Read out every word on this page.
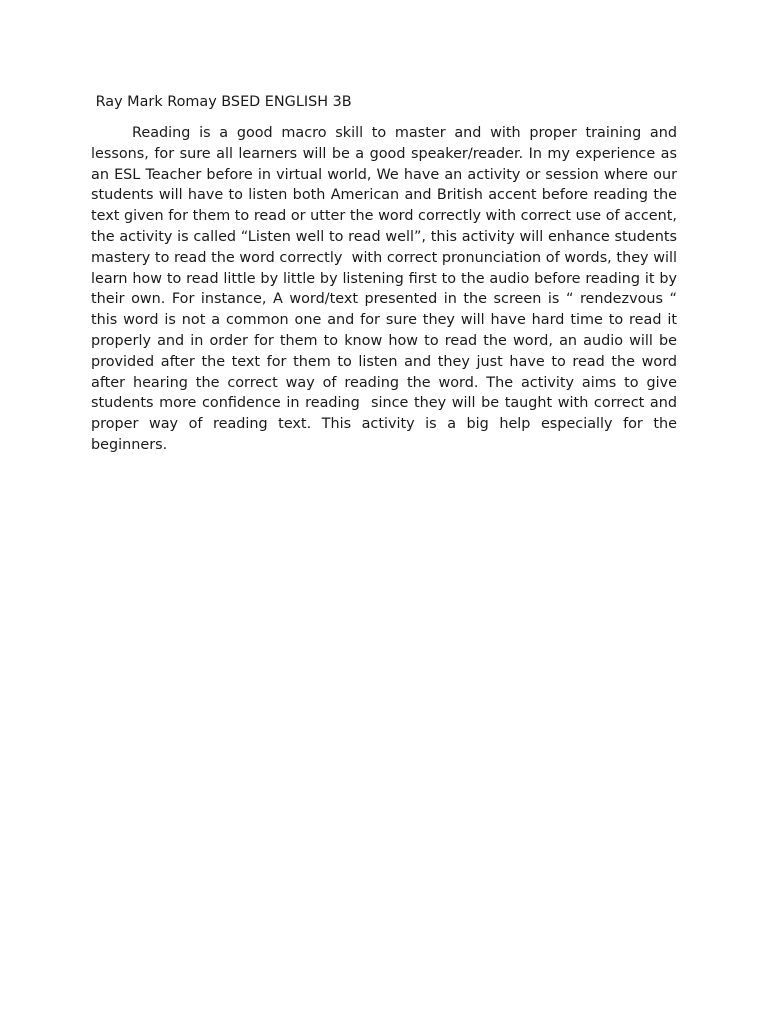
Ray Mark Romay BSED ENGLISH 3B

Reading is a good macro skill to master and with proper training and lessons, for sure all learners will be a good speaker/reader. In my experience as an ESL Teacher before in virtual world, We have an activity or session where our students will have to listen both American and British accent before reading the text given for them to read or utter the word correctly with correct use of accent, the activity is called “Listen well to read well”, this activity will enhance students mastery to read the word correctly  with correct pronunciation of words, they will learn how to read little by little by listening first to the audio before reading it by their own. For instance, A word/text presented in the screen is “ rendezvous “  this word is not a common one and for sure they will have hard time to read it properly and in order for them to know how to read the word, an audio will be provided after the text for them to listen and they just have to read the word after hearing the correct way of reading the word. The activity aims to give students more confidence in reading  since they will be taught with correct and proper way of reading text. This activity is a big help especially for the beginners.
